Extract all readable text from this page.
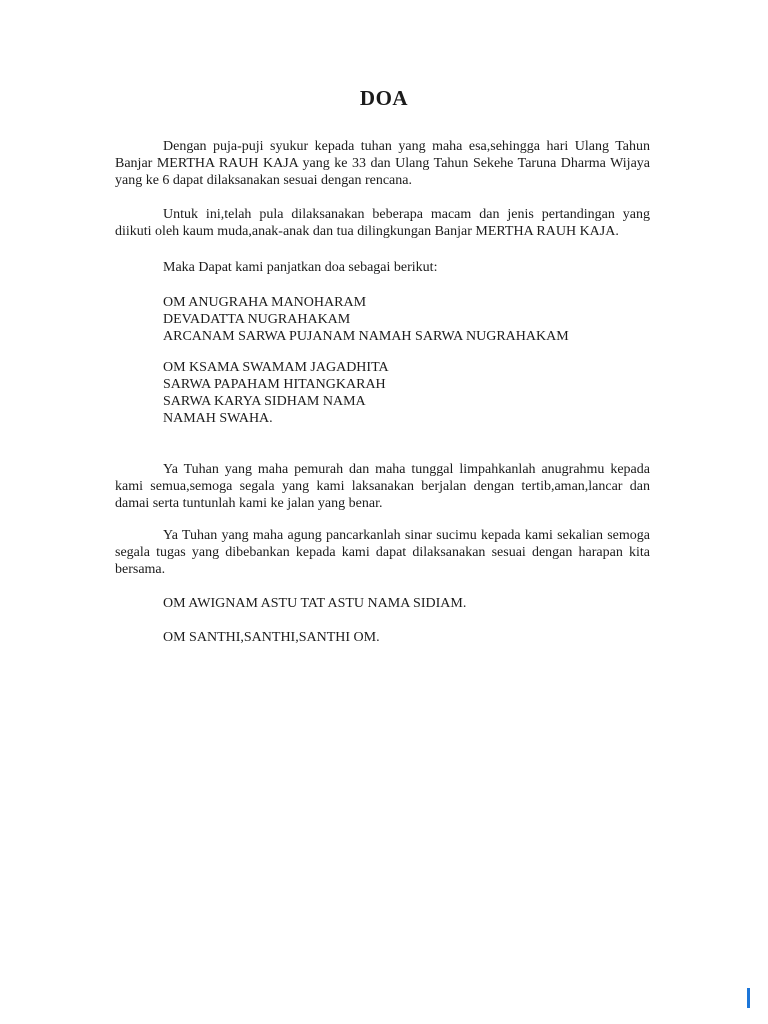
DOA

Dengan puja-puji syukur kepada tuhan yang maha esa,sehingga hari Ulang Tahun Banjar MERTHA RAUH KAJA yang ke 33 dan Ulang Tahun Sekehe Taruna Dharma Wijaya yang ke 6 dapat dilaksanakan sesuai dengan rencana.

Untuk ini,telah pula dilaksanakan beberapa macam dan jenis pertandingan yang diikuti oleh kaum muda,anak-anak dan tua dilingkungan Banjar MERTHA RAUH KAJA.

Maka Dapat kami panjatkan doa sebagai berikut:

OM ANUGRAHA MANOHARAM
DEVADATTA NUGRAHAKAM
ARCANAM SARWA PUJANAM NAMAH SARWA NUGRAHAKAM
OM KSAMA SWAMAM JAGADHITA
SARWA PAPAHAM HITANGKARAH
SARWA KARYA SIDHAM NAMA
NAMAH SWAHA.

Ya Tuhan yang maha pemurah dan maha tunggal limpahkanlah anugrahmu kepada kami semua,semoga segala yang kami laksanakan berjalan dengan tertib,aman,lancar dan damai serta tuntunlah kami ke jalan yang benar.

Ya Tuhan yang maha agung pancarkanlah sinar sucimu kepada kami sekalian semoga segala tugas yang dibebankan kepada kami dapat dilaksanakan sesuai dengan harapan kita bersama.

OM AWIGNAM ASTU TAT ASTU NAMA SIDIAM.

OM SANTHI,SANTHI,SANTHI OM.
